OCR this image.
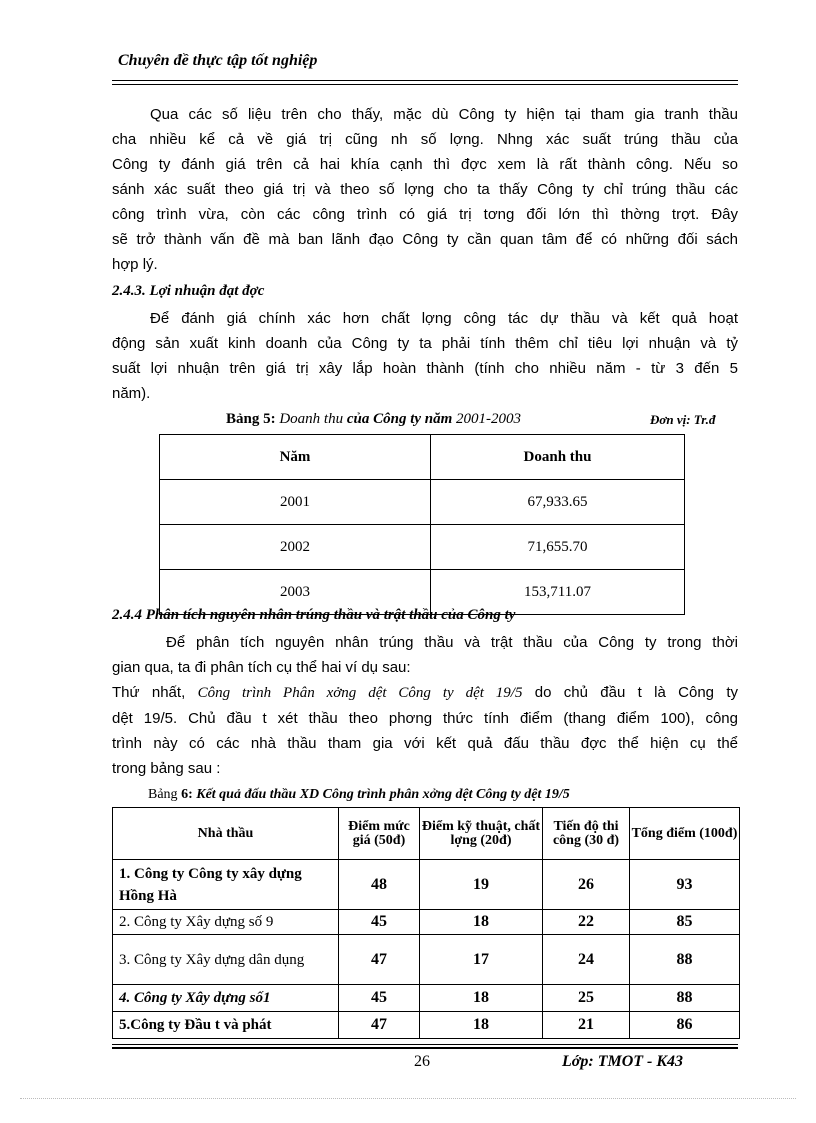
Chuyên đề thực tập tốt nghiệp
Qua các số liệu trên cho thấy, mặc dù Công ty hiện tại tham gia tranh thầu
cha nhiều kể cả về giá trị cũng nh số lợng. Nhng xác suất trúng thầu của
Công ty đánh giá trên cả hai khía cạnh thì đợc xem là rất thành công. Nếu so
sánh xác suất theo giá trị và theo số lợng cho ta thấy Công ty chỉ trúng thầu các
công trình vừa, còn các công trình có giá trị tơng đối lớn thì thờng trợt. Đây
sẽ trở thành vấn đề mà ban lãnh đạo Công ty cần quan tâm để có những đối sách
hợp lý.
2.4.3. Lợi nhuận đạt đợc
Để đánh giá chính xác hơn chất lợng công tác dự thầu và kết quả hoạt
động sản xuất kinh doanh của Công ty ta phải tính thêm chỉ tiêu lợi nhuận và tỷ
suất lợi nhuận trên giá trị xây lắp hoàn thành (tính cho nhiều năm - từ 3 đến 5
năm).
Bảng 5: Doanh thu của Công ty năm 2001-2003	Đơn vị: Tr.đ
Năm	Doanh thu
2001	67,933.65
2002	71,655.70
2003	153,711.07
2.4.4 Phân tích nguyên nhân trúng thầu và trật thầu của Công ty
Để phân tích nguyên nhân trúng thầu và trật thầu của Công ty trong thời
gian qua, ta đi phân tích cụ thể hai ví dụ sau:
Thứ nhất, Công trình Phân xởng dệt Công ty dệt 19/5 do chủ đầu t là Công ty
dệt 19/5. Chủ đầu t xét thầu theo phơng thức tính điểm (thang điểm 100), công
trình này có các nhà thầu tham gia với kết quả đấu thầu đợc thể hiện cụ thể
trong bảng sau :
Bảng 6: Kết quả đấu thầu XD Công trình phân xởng dệt Công ty dệt 19/5
Nhà thầu	Điểm mức giá (50đ)	Điểm kỹ thuật, chất lợng (20đ)	Tiến độ thi công (30 đ)	Tổng điểm (100đ)
1. Công ty Công ty xây dựng Hồng Hà	48	19	26	93
2. Công ty Xây dựng số 9	45	18	22	85
3. Công ty Xây dựng dân dụng	47	17	24	88
4. Công ty Xây dựng số1	45	18	25	88
5.Công ty Đầu t và phát	47	18	21	86
26	Lớp: TMOT - K43
